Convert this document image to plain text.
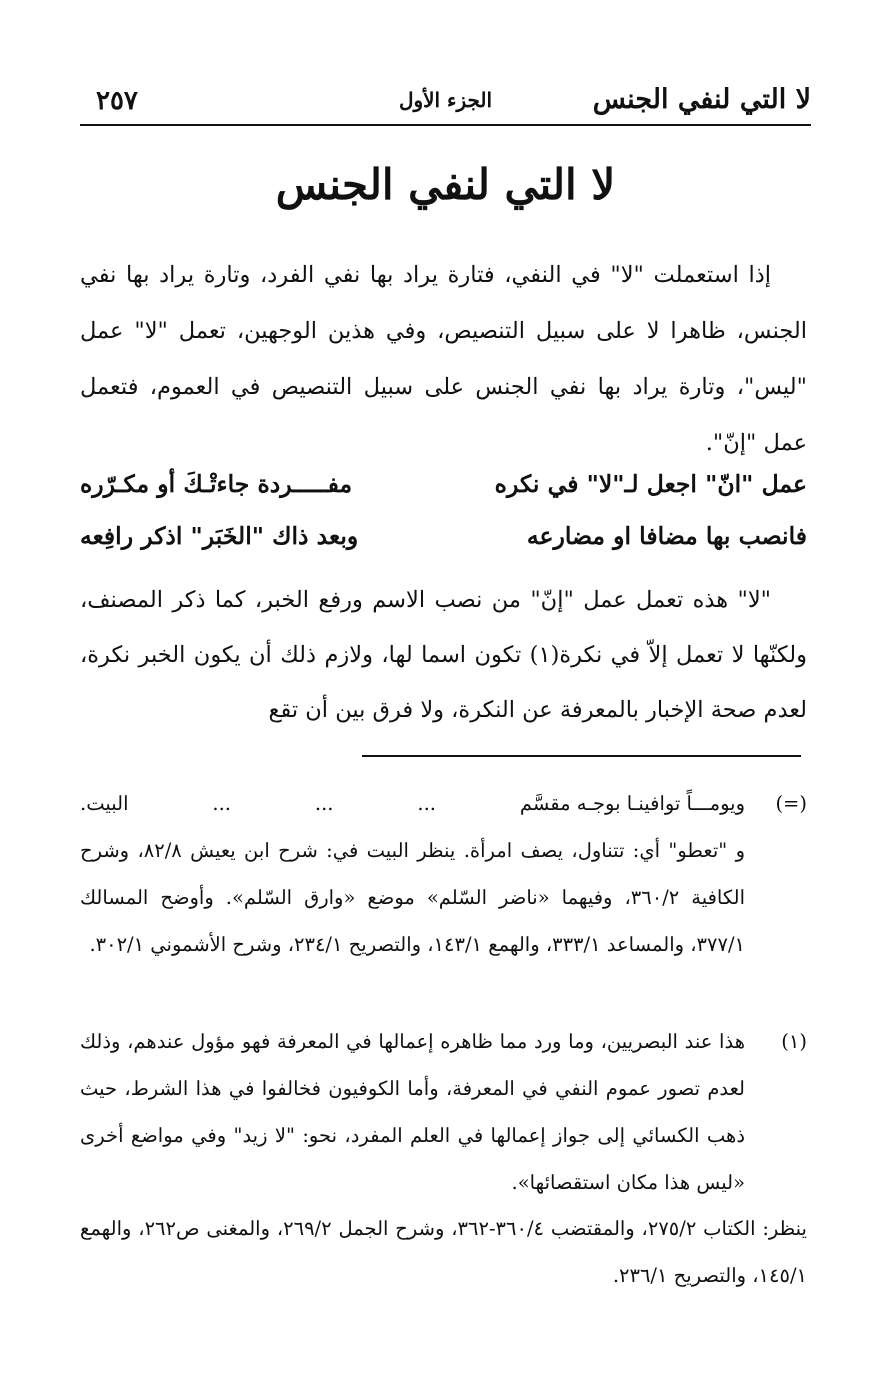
لا التي لنفي الجنس
الجزء الأول
٢٥٧
لا التي لنفي الجنس

إذا استعملت "لا" في النفي، فتارة يراد بها نفي الفرد، وتارة يراد بها نفي الجنس، ظاهرا لا على سبيل التنصيص، وفي هذين الوجهين، تعمل "لا" عمل "ليس"، وتارة يراد بها نفي الجنس على سبيل التنصيص في العموم، فتعمل عمل "إنّ".

عمل "انّ" اجعل لـ"لا" في نكره
مفـــــردة جاءتْـكَ أو مكـرّره
فانصب بها مضافا او مضارعه
وبعد ذاك "الخَبَر" اذكر رافِعه

"لا" هذه تعمل عمل "إنّ" من نصب الاسم ورفع الخبر، كما ذكر المصنف، ولكنّها لا تعمل إلاّ في نكرة(١) تكون اسما لها، ولازم ذلك أن يكون الخبر نكرة، لعدم صحة الإخبار بالمعرفة عن النكرة، ولا فرق بين أن تقع

(=)
ويومـــاً توافينـا بوجـه مقسَّم
...
...
...
البيت.

و "تعطو" أي: تتناول، يصف امرأة. ينظر البيت في: شرح ابن يعيش ٨٢/٨، وشرح الكافية ٣٦٠/٢، وفيهما «ناضر السّلم» موضع «وارق السّلم». وأوضح المسالك ٣٧٧/١، والمساعد ٣٣٣/١، والهمع ١٤٣/١، والتصريح ٢٣٤/١، وشرح الأشموني ٣٠٢/١.

(١)

هذا عند البصريين، وما ورد مما ظاهره إعمالها في المعرفة فهو مؤول عندهم، وذلك لعدم تصور عموم النفي في المعرفة، وأما الكوفيون فخالفوا في هذا الشرط، حيث ذهب الكسائي إلى جواز إعمالها في العلم المفرد، نحو: "لا زيد" وفي مواضع أخرى «ليس هذا مكان استقصائها».

ينظر: الكتاب ٢٧٥/٢، والمقتضب ٣٦٠/٤-٣٦٢، وشرح الجمل ٢٦٩/٢، والمغنى ص٢٦٢، والهمع ١٤٥/١، والتصريح ٢٣٦/١.
